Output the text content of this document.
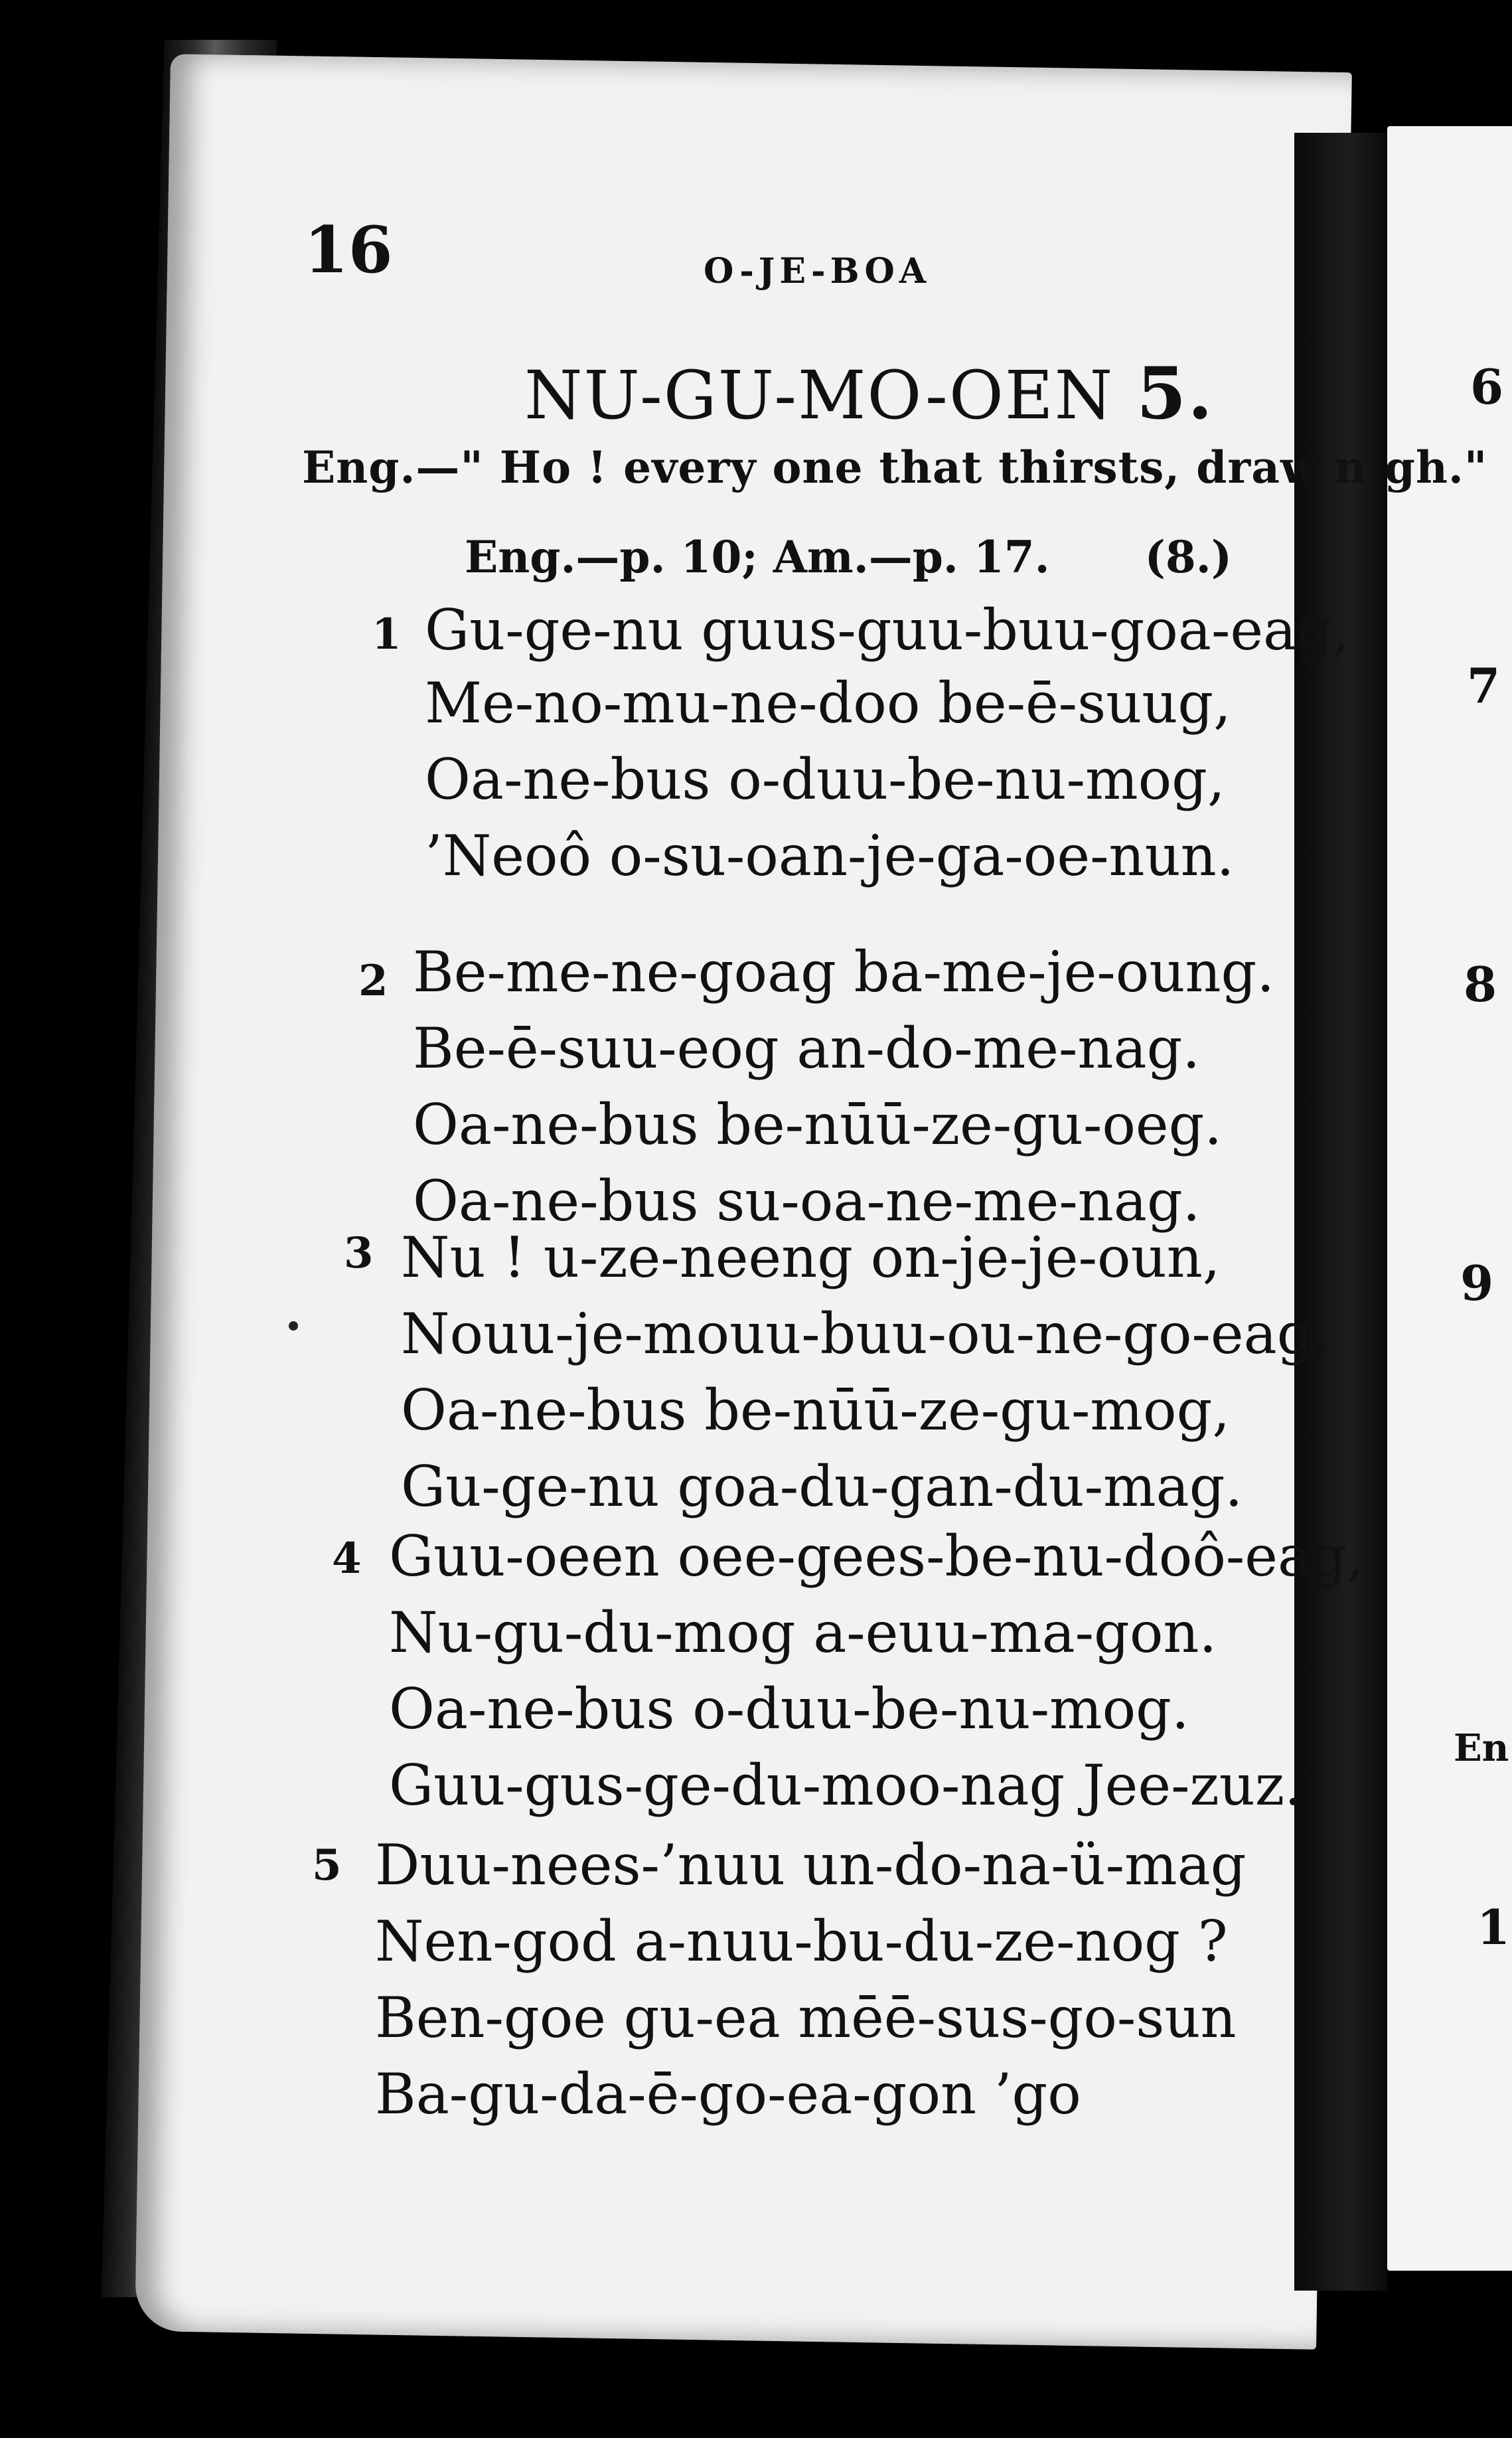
16	O-JE-BOA
NU-GU-MO-OEN 5.
Eng.—" Ho ! every one that thirsts, draw nigh."
Eng.—p. 10; Am.—p. 17. (8.)
1 Gu-ge-nu guus-guu-buu-goa-eag,
Me-no-mu-ne-doo be-ē-suug,
Oa-ne-bus o-duu-be-nu-mog,
’Neoô o-su-oan-je-ga-oe-nun.
2 Be-me-ne-goag ba-me-je-oung.
Be-ē-suu-eog an-do-me-nag.
Oa-ne-bus be-nūū-ze-gu-oeg.
Oa-ne-bus su-oa-ne-me-nag.
3 Nu ! u-ze-neeng on-je-je-oun,
Nouu-je-mouu-buu-ou-ne-go-eag.
Oa-ne-bus be-nūū-ze-gu-mog,
Gu-ge-nu goa-du-gan-du-mag.
4 Guu-oeen oee-gees-be-nu-doô-eag,
Nu-gu-du-mog a-euu-ma-gon.
Oa-ne-bus o-duu-be-nu-mog.
Guu-gus-ge-du-moo-nag Jee-zuz.
5 Duu-nees-’nuu un-do-na-ü-mag
Nen-god a-nuu-bu-du-ze-nog ?
Ben-goe gu-ea mēē-sus-go-sun
Ba-gu-da-ē-go-ea-gon ’go
6
7
8
9
En
1
